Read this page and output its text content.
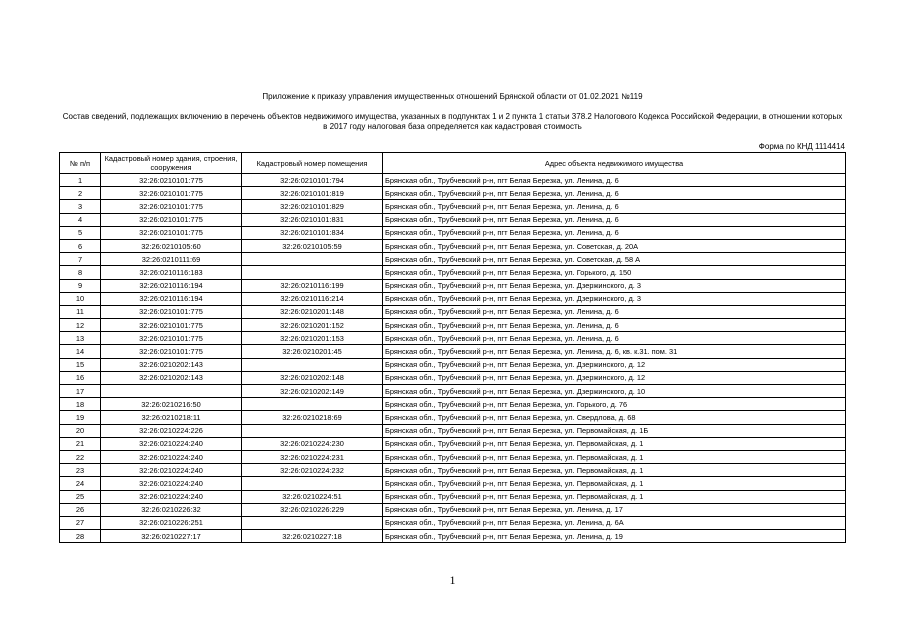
Приложение к приказу управления имущественных отношений Брянской области от 01.02.2021 №119
Состав сведений, подлежащих включению в перечень объектов недвижимого имущества, указанных в подпунктах 1 и 2 пункта 1 статьи 378.2 Налогового Кодекса Российской Федерации, в отношении которых в 2017 году налоговая база определяется как кадастровая стоимость
Форма по КНД 1114414
№ п/п	Кадастровый номер здания, строения, сооружения	Кадастровый номер помещения	Адрес объекта недвижимого имущества
1	32:26:0210101:775	32:26:0210101:794	Брянская обл., Трубчевский р-н, пгт Белая Березка, ул. Ленина, д. 6
2	32:26:0210101:775	32:26:0210101:819	Брянская обл., Трубчевский р-н, пгт Белая Березка, ул. Ленина, д. 6
3	32:26:0210101:775	32:26:0210101:829	Брянская обл., Трубчевский р-н, пгт Белая Березка, ул. Ленина, д. 6
4	32:26:0210101:775	32:26:0210101:831	Брянская обл., Трубчевский р-н, пгт Белая Березка, ул. Ленина, д. 6
5	32:26:0210101:775	32:26:0210101:834	Брянская обл., Трубчевский р-н, пгт Белая Березка, ул. Ленина, д. 6
6	32:26:0210105:60	32:26:0210105:59	Брянская обл., Трубчевский р-н, пгт Белая Березка, ул. Советская, д. 20А
7	32:26:0210111:69		Брянская обл., Трубчевский р-н, пгт Белая Березка, ул. Советская, д. 58 А
8	32:26:0210116:183		Брянская обл., Трубчевский р-н, пгт Белая Березка, ул. Горького, д. 150
9	32:26:0210116:194	32:26:0210116:199	Брянская обл., Трубчевский р-н, пгт Белая Березка, ул. Дзержинского, д. 3
10	32:26:0210116:194	32:26:0210116:214	Брянская обл., Трубчевский р-н, пгт Белая Березка, ул. Дзержинского, д. 3
11	32:26:0210101:775	32:26:0210201:148	Брянская обл., Трубчевский р-н, пгт Белая Березка, ул. Ленина, д. 6
12	32:26:0210101:775	32:26:0210201:152	Брянская обл., Трубчевский р-н, пгт Белая Березка, ул. Ленина, д. 6
13	32:26:0210101:775	32:26:0210201:153	Брянская обл., Трубчевский р-н, пгт Белая Березка, ул. Ленина, д. 6
14	32:26:0210101:775	32:26:0210201:45	Брянская обл., Трубчевский р-н, пгт Белая Березка, ул. Ленина, д. 6, кв. к.31. пом. 31
15	32:26:0210202:143		Брянская обл., Трубчевский р-н, пгт Белая Березка, ул. Дзержинского, д. 12
16	32:26:0210202:143	32:26:0210202:148	Брянская обл., Трубчевский р-н, пгт Белая Березка, ул. Дзержинского, д. 12
17		32:26:0210202:149	Брянская обл., Трубчевский р-н, пгт Белая Березка, ул. Дзержинского, д. 10
18	32:26:0210216:50		Брянская обл., Трубчевский р-н, пгт Белая Березка, ул. Горького, д. 76
19	32:26:0210218:11	32:26:0210218:69	Брянская обл., Трубчевский р-н, пгт Белая Березка, ул. Свердлова, д. 68
20	32:26:0210224:226		Брянская обл., Трубчевский р-н, пгт Белая Березка, ул. Первомайская, д. 1Б
21	32:26:0210224:240	32:26:0210224:230	Брянская обл., Трубчевский р-н, пгт Белая Березка, ул. Первомайская, д. 1
22	32:26:0210224:240	32:26:0210224:231	Брянская обл., Трубчевский р-н, пгт Белая Березка, ул. Первомайская, д. 1
23	32:26:0210224:240	32:26:0210224:232	Брянская обл., Трубчевский р-н, пгт Белая Березка, ул. Первомайская, д. 1
24	32:26:0210224:240		Брянская обл., Трубчевский р-н, пгт Белая Березка, ул. Первомайская, д. 1
25	32:26:0210224:240	32:26:0210224:51	Брянская обл., Трубчевский р-н, пгт Белая Березка, ул. Первомайская, д. 1
26	32:26:0210226:32	32:26:0210226:229	Брянская обл., Трубчевский р-н, пгт Белая Березка, ул. Ленина, д. 17
27	32:26:0210226:251		Брянская обл., Трубчевский р-н, пгт Белая Березка, ул. Ленина, д. 6А
28	32:26:0210227:17	32:26:0210227:18	Брянская обл., Трубчевский р-н, пгт Белая Березка, ул. Ленина, д. 19
1
